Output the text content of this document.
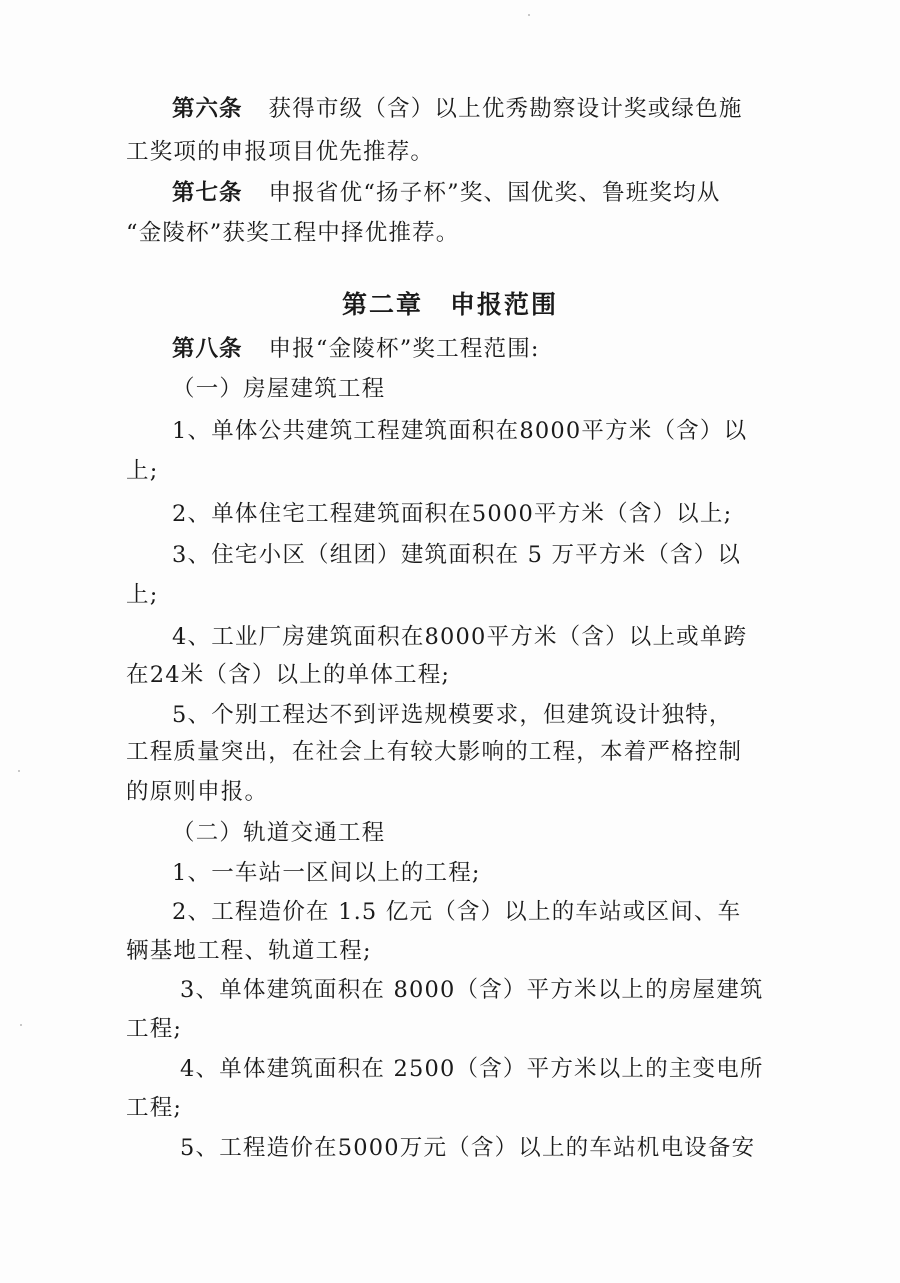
第六条 获得市级（含）以上优秀勘察设计奖或绿色施
工奖项的申报项目优先推荐。
第七条 申报省优“扬子杯”奖、国优奖、鲁班奖均从
“金陵杯”获奖工程中择优推荐。
第二章　申报范围
第八条 申报“金陵杯”奖工程范围:
（一）房屋建筑工程
1、单体公共建筑工程建筑面积在8000平方米（含）以
上;
2、单体住宅工程建筑面积在5000平方米（含）以上;
3、住宅小区（组团）建筑面积在 5 万平方米（含）以
上;
4、工业厂房建筑面积在8000平方米（含）以上或单跨
在24米（含）以上的单体工程;
5、个别工程达不到评选规模要求，但建筑设计独特，
工程质量突出，在社会上有较大影响的工程，本着严格控制
的原则申报。
（二）轨道交通工程
1、一车站一区间以上的工程;
2、工程造价在 1.5 亿元（含）以上的车站或区间、车
辆基地工程、轨道工程;
3、单体建筑面积在 8000（含）平方米以上的房屋建筑
工程;
4、单体建筑面积在 2500（含）平方米以上的主变电所
工程;
5、工程造价在5000万元（含）以上的车站机电设备安
